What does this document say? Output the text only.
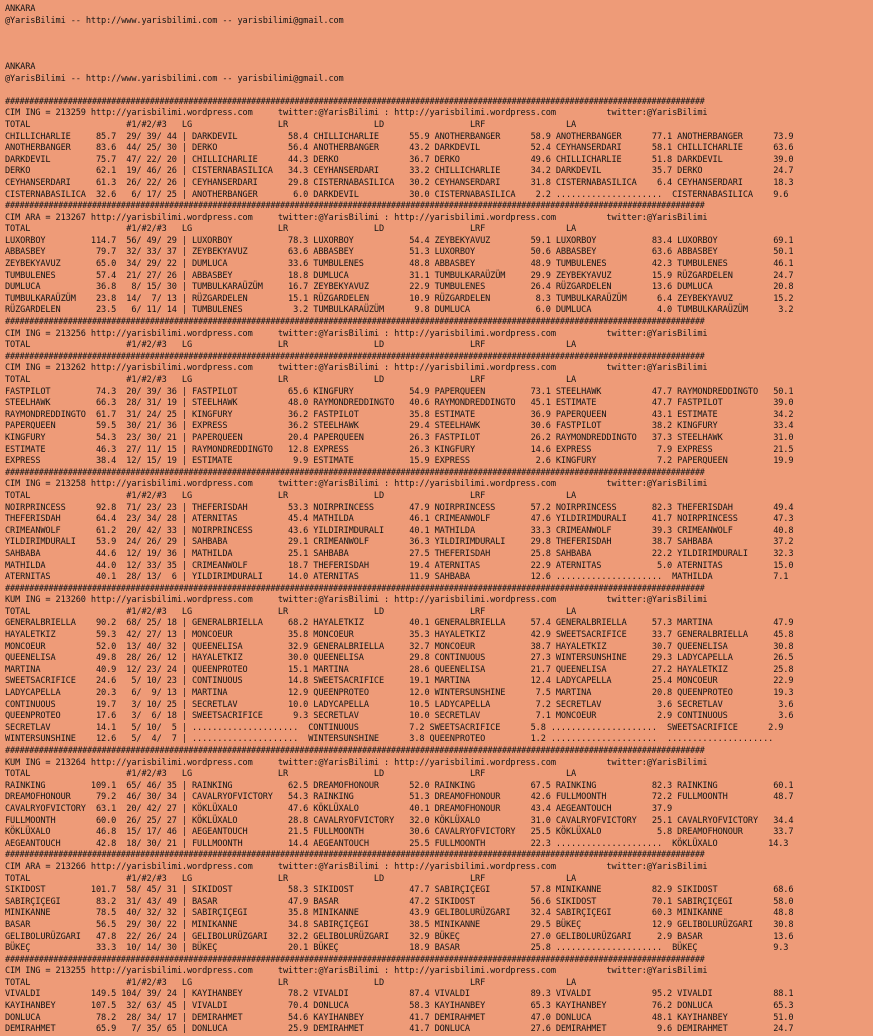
ANKARA
@YarisBilimi -- http://www.yarisbilimi.com -- yarisbilimi@gmail.com
ANKARA
@YarisBilimi -- http://www.yarisbilimi.com -- yarisbilimi@gmail.com
#################################################################################################################################################
CIM ING = 213259 http://yarisbilimi.wordpress.com     twitter:@YarisBilimi : http://yarisbilimi.wordpress.com          twitter:@YarisBilimi
TOTAL                   #1/#2/#3   LG                 LR                 LD                 LRF                LA
CHILLICHARLIE     85.7  29/ 39/ 44 | DARKDEVIL          58.4 CHILLICHARLIE      55.9 ANOTHERBANGER      58.9 ANOTHERBANGER      77.1 ANOTHERBANGER      73.9
ANOTHERBANGER     83.6  44/ 25/ 30 | DERKO              56.4 ANOTHERBANGER      43.2 DARKDEVIL          52.4 CEYHANSERDARI      58.1 CHILLICHARLIE      63.6
DARKDEVIL         75.7  47/ 22/ 20 | CHILLICHARLIE      44.3 DERKO              36.7 DERKO              49.6 CHILLICHARLIE      51.8 DARKDEVIL          39.0
DERKO             62.1  19/ 46/ 26 | CISTERNABASILICA   34.3 CEYHANSERDARI      33.2 CHILLICHARLIE      34.2 DARKDEVIL          35.7 DERKO              24.7
CEYHANSERDARI     61.3  26/ 22/ 26 | CEYHANSERDARI      29.8 CISTERNABASILICA   30.2 CEYHANSERDARI      31.8 CISTERNABASILICA    6.4 CEYHANSERDARI      18.3
CISTERNABASILICA  32.6   6/ 17/ 25 | ANOTHERBANGER       6.0 DARKDEVIL          30.0 CISTERNABASILICA    2.2 .....................  CISTERNABASILICA    9.6
#################################################################################################################################################
CIM ARA = 213267 http://yarisbilimi.wordpress.com     twitter:@YarisBilimi : http://yarisbilimi.wordpress.com          twitter:@YarisBilimi
TOTAL                   #1/#2/#3   LG                 LR                 LD                 LRF                LA
LUXORBOY         114.7  56/ 49/ 29 | LUXORBOY           78.3 LUXORBOY           54.4 ZEYBEKYAVUZ        59.1 LUXORBOY           83.4 LUXORBOY           69.1
ABBASBEY          79.7  32/ 33/ 37 | ZEYBEKYAVUZ        63.6 ABBASBEY           51.3 LUXORBOY           50.6 ABBASBEY           63.6 ABBASBEY           50.1
ZEYBEKYAVUZ       65.0  34/ 29/ 22 | DUMLUCA            33.6 TUMBULENES         48.8 ABBASBEY           48.9 TUMBULENES         42.3 TUMBULENES         46.1
TUMBULENES        57.4  21/ 27/ 26 | ABBASBEY           18.8 DUMLUCA            31.1 TUMBULKARAÜZÜM     29.9 ZEYBEKYAVUZ        15.9 RÜZGARDELEN        24.7
DUMLUCA           36.8   8/ 15/ 30 | TUMBULKARAÜZÜM     16.7 ZEYBEKYAVUZ        22.9 TUMBULENES         26.4 RÜZGARDELEN        13.6 DUMLUCA            20.8
TUMBULKARAÜZÜM    23.8  14/  7/ 13 | RÜZGARDELEN        15.1 RÜZGARDELEN        10.9 RÜZGARDELEN         8.3 TUMBULKARAÜZÜM      6.4 ZEYBEKYAVUZ        15.2
RÜZGARDELEN       23.5   6/ 11/ 14 | TUMBULENES          3.2 TUMBULKARAÜZÜM      9.8 DUMLUCA             6.0 DUMLUCA             4.0 TUMBULKARAÜZÜM      3.2
#################################################################################################################################################
CIM ING = 213256 http://yarisbilimi.wordpress.com     twitter:@YarisBilimi : http://yarisbilimi.wordpress.com          twitter:@YarisBilimi
TOTAL                   #1/#2/#3   LG                 LR                 LD                 LRF                LA
#################################################################################################################################################
CIM ING = 213262 http://yarisbilimi.wordpress.com     twitter:@YarisBilimi : http://yarisbilimi.wordpress.com          twitter:@YarisBilimi
TOTAL                   #1/#2/#3   LG                 LR                 LD                 LRF                LA
FASTPILOT         74.3  20/ 39/ 36 | FASTPILOT          65.6 KINGFURY           54.9 PAPERQUEEN         73.1 STEELHAWK          47.7 RAYMONDREDDINGTO   50.1
STEELHAWK         66.3  28/ 31/ 19 | STEELHAWK          48.0 RAYMONDREDDINGTO   40.6 RAYMONDREDDINGTO   45.1 ESTIMATE           47.7 FASTPILOT          39.0
RAYMONDREDDINGTO  61.7  31/ 24/ 25 | KINGFURY           36.2 FASTPILOT          35.8 ESTIMATE           36.9 PAPERQUEEN         43.1 ESTIMATE           34.2
PAPERQUEEN        59.5  30/ 21/ 36 | EXPRESS            36.2 STEELHAWK          29.4 STEELHAWK          30.6 FASTPILOT          38.2 KINGFURY           33.4
KINGFURY          54.3  23/ 30/ 21 | PAPERQUEEN         20.4 PAPERQUEEN         26.3 FASTPILOT          26.2 RAYMONDREDDINGTO   37.3 STEELHAWK          31.0
ESTIMATE          46.3  27/ 11/ 15 | RAYMONDREDDINGTO   12.8 EXPRESS            26.3 KINGFURY           14.6 EXPRESS             7.9 EXPRESS            21.5
EXPRESS           38.4  12/ 15/ 19 | ESTIMATE            9.9 ESTIMATE           15.9 EXPRESS             2.6 KINGFURY            7.2 PAPERQUEEN         19.9
#################################################################################################################################################
CIM ING = 213258 http://yarisbilimi.wordpress.com     twitter:@YarisBilimi : http://yarisbilimi.wordpress.com          twitter:@YarisBilimi
TOTAL                   #1/#2/#3   LG                 LR                 LD                 LRF                LA
NOIRPRINCESS      92.8  71/ 23/ 23 | THEFERISDAH        53.3 NOIRPRINCESS       47.9 NOIRPRINCESS       57.2 NOIRPRINCESS       82.3 THEFERISDAH        49.4
THEFERISDAH       64.4  23/ 34/ 28 | ATERNITAS          45.4 MATHILDA           46.1 CRIMEANWOLF        47.6 YILDIRIMDURALI     41.7 NOIRPRINCESS       47.3
CRIMEANWOLF       61.2  20/ 42/ 33 | NOIRPRINCESS       43.6 YILDIRIMDURALI     40.1 MATHILDA           33.3 CRIMEANWOLF        39.3 CRIMEANWOLF        40.8
YILDIRIMDURALI    53.9  24/ 26/ 29 | SAHBABA            29.1 CRIMEANWOLF        36.3 YILDIRIMDURALI     29.8 THEFERISDAH        38.7 SAHBABA            37.2
SAHBABA           44.6  12/ 19/ 36 | MATHILDA           25.1 SAHBABA            27.5 THEFERISDAH        25.8 SAHBABA            22.2 YILDIRIMDURALI     32.3
MATHILDA          44.0  12/ 33/ 35 | CRIMEANWOLF        18.7 THEFERISDAH        19.4 ATERNITAS          22.9 ATERNITAS           5.0 ATERNITAS          15.0
ATERNITAS         40.1  28/ 13/  6 | YILDIRIMDURALI     14.0 ATERNITAS          11.9 SAHBABA            12.6 .....................  MATHILDA            7.1
#################################################################################################################################################
KUM ING = 213260 http://yarisbilimi.wordpress.com     twitter:@YarisBilimi : http://yarisbilimi.wordpress.com          twitter:@YarisBilimi
TOTAL                   #1/#2/#3   LG                 LR                 LD                 LRF                LA
GENERALBRIELLA    90.2  68/ 25/ 18 | GENERALBRIELLA     68.2 HAYALETKIZ         40.1 GENERALBRIELLA     57.4 GENERALBRIELLA     57.3 MARTINA            47.9
HAYALETKIZ        59.3  42/ 27/ 13 | MONCOEUR           35.8 MONCOEUR           35.3 HAYALETKIZ         42.9 SWEETSACRIFICE     33.7 GENERALBRIELLA     45.8
MONCOEUR          52.0  13/ 40/ 32 | QUEENELISA         32.9 GENERALBRIELLA     32.7 MONCOEUR           38.7 HAYALETKIZ         30.7 QUEENELISA         30.8
QUEENELISA        49.8  28/ 26/ 12 | HAYALETKIZ         30.0 QUEENELISA         29.8 CONTINUOUS         27.3 WINTERSUNSHINE     29.3 LADYCAPELLA        26.5
MARTINA           40.9  12/ 23/ 24 | QUEENPROTEO        15.1 MARTINA            28.6 QUEENELISA         21.7 QUEENELISA         27.2 HAYALETKIZ         25.8
SWEETSACRIFICE    24.6   5/ 10/ 23 | CONTINUOUS         14.8 SWEETSACRIFICE     19.1 MARTINA            12.4 LADYCAPELLA        25.4 MONCOEUR           22.9
LADYCAPELLA       20.3   6/  9/ 13 | MARTINA            12.9 QUEENPROTEO        12.0 WINTERSUNSHINE      7.5 MARTINA            20.8 QUEENPROTEO        19.3
CONTINUOUS        19.7   3/ 10/ 25 | SECRETLAV          10.0 LADYCAPELLA        10.5 LADYCAPELLA         7.2 SECRETLAV           3.6 SECRETLAV           3.6
QUEENPROTEO       17.6   3/  6/ 18 | SWEETSACRIFICE      9.3 SECRETLAV          10.0 SECRETLAV           7.1 MONCOEUR            2.9 CONTINUOUS          3.6
SECRETLAV         14.1   5/ 10/  5 | .....................  CONTINUOUS          7.2 SWEETSACRIFICE      5.8 .....................  SWEETSACRIFICE      2.9
WINTERSUNSHINE    12.6   5/  4/  7 | .....................  WINTERSUNSHINE      3.8 QUEENPROTEO         1.2 .....................  .....................
#################################################################################################################################################
KUM ING = 213264 http://yarisbilimi.wordpress.com     twitter:@YarisBilimi : http://yarisbilimi.wordpress.com          twitter:@YarisBilimi
TOTAL                   #1/#2/#3   LG                 LR                 LD                 LRF                LA
RAINKING         109.1  65/ 46/ 35 | RAINKING           62.5 DREAMOFHONOUR      52.0 RAINKING           67.5 RAINKING           82.3 RAINKING           60.1
DREAMOFHONOUR     79.2  46/ 30/ 34 | CAVALRYOFVICTORY   54.3 RAINKING           51.3 DREAMOFHONOUR      42.6 FULLMOONTH         72.2 FULLMOONTH         48.7
CAVALRYOFVICTORY  63.1  20/ 42/ 27 | KÖKLÜXALO          47.6 KÖKLÜXALO          40.1 DREAMOFHONOUR      43.4 AEGEANTOUCH        37.9
FULLMOONTH        60.0  26/ 25/ 27 | KÖKLÜXALO          28.8 CAVALRYOFVICTORY   32.0 KÖKLÜXALO          31.0 CAVALRYOFVICTORY   25.1 CAVALRYOFVICTORY   34.4
KÖKLÜXALO         46.8  15/ 17/ 46 | AEGEANTOUCH        21.5 FULLMOONTH         30.6 CAVALRYOFVICTORY   25.5 KÖKLÜXALO           5.8 DREAMOFHONOUR      33.7
AEGEANTOUCH       42.8  18/ 30/ 21 | FULLMOONTH         14.4 AEGEANTOUCH        25.5 FULLMOONTH         22.3 .....................  KÖKLÜXALO          14.3
#################################################################################################################################################
CIM ARA = 213266 http://yarisbilimi.wordpress.com     twitter:@YarisBilimi : http://yarisbilimi.wordpress.com          twitter:@YarisBilimi
TOTAL                   #1/#2/#3   LG                 LR                 LD                 LRF                LA
SIKIDOST         101.7  58/ 45/ 31 | SIKIDOST           58.3 SIKIDOST           47.7 SABIRÇIÇEGI        57.8 MINIKANNE          82.9 SIKIDOST           68.6
SABIRÇIÇEGI       83.2  31/ 43/ 49 | BASAR              47.9 BASAR              47.2 SIKIDOST           56.6 SIKIDOST           70.1 SABIRÇIÇEGI        58.0
MINIKANNE         78.5  40/ 32/ 32 | SABIRÇIÇEGI        35.8 MINIKANNE          43.9 GELIBOLURÜZGARI    32.4 SABIRÇIÇEGI        60.3 MINIKANNE          48.8
BASAR             56.5  29/ 30/ 22 | MINIKANNE          34.8 SABIRÇIÇEGI        38.5 MINIKANNE          29.5 BÜKEÇ              12.9 GELIBOLURÜZGARI    30.8
GELIBOLURÜZGARI   47.8  22/ 26/ 24 | GELIBOLURÜZGARI    32.2 GELIBOLURÜZGARI    32.9 BÜKEÇ              27.0 GELIBOLURÜZGARI     2.9 BASAR              13.6
BÜKEÇ             33.3  10/ 14/ 30 | BÜKEÇ              20.1 BÜKEÇ              18.9 BASAR              25.8 .....................  BÜKEÇ               9.3
#################################################################################################################################################
CIM ING = 213255 http://yarisbilimi.wordpress.com     twitter:@YarisBilimi : http://yarisbilimi.wordpress.com          twitter:@YarisBilimi
TOTAL                   #1/#2/#3   LG                 LR                 LD                 LRF                LA
VIVALDI          149.5 104/ 39/ 24 | KAYIHANBEY         78.2 VIVALDI            87.4 VIVALDI            89.3 VIVALDI            95.2 VIVALDI            88.1
KAYIHANBEY       107.5  32/ 63/ 45 | VIVALDI            70.4 DONLUCA            58.3 KAYIHANBEY         65.3 KAYIHANBEY         76.2 DONLUCA            65.3
DONLUCA           78.2  28/ 34/ 17 | DEMIRAHMET         54.6 KAYIHANBEY         41.7 DEMIRAHMET         47.0 DONLUCA            48.1 KAYIHANBEY         51.0
DEMIRAHMET        65.9   7/ 35/ 65 | DONLUCA            25.9 DEMIRAHMET         41.7 DONLUCA            27.6 DEMIRAHMET          9.6 DEMIRAHMET         24.7
